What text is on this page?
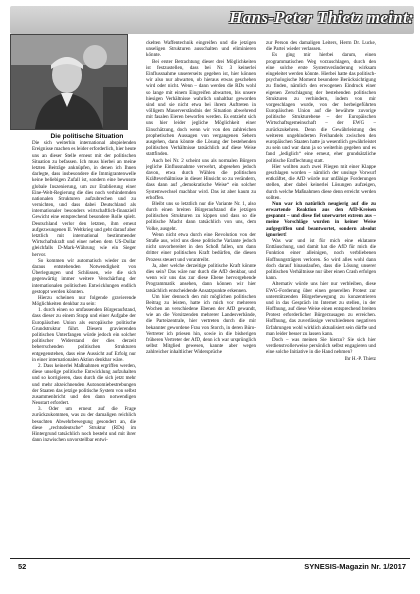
Hans-Peter Thietz meint:

Die politische Situation

Die sich weiterhin international abspielenden Ereignisse machen es leider erforderlich, hier heute uns an dieser Stelle erneut mit der politischen Situation zu befassen. Ich muss hierbei an meine letzten Beiträge anknüpfen, in denen ich Ihnen darlegte, dass insbesondere die Immigrantenwelle keine beliebigen Zufall ist, sondern eine bewusste globale Inszenierung, um zur Etablierung einer Eine-Welt-Regierung die dies noch verhindernden nationalen Strukturen aufzubrechen und zu vernichten, und dass dabei Deutschland als internationaler besonders wirtschaftlich-finanziell Gewicht eine entsprechend besondere Rolle spielt. Deutschland verlor den letzten, ihm erneut aufgezwungenen II. Weltkrieg und geht darauf aber letztlich mit international bestimmender Wirtschaftskraft und einer neben dem US-Dollar gleichfalls D-Mark-Währung wie ein Sieger hervor.

So kommen wir automatisch wieder zu der daraus entstehenden Notwendigkeit von Überlegungen und Schlüssen, wie die sich gegenwärtig immer weitere Verschärfung der internationalen politischen Entwicklungen endlich gestoppt werden könnten.

Hierzu scheinen nur folgende gravierende Möglichkeiten denkbar zu sein:

1. durch einen so umfassenden Bürgeraufstand, dass dieser zu einem Stopp und einer Aufgabe der Europäischen Union als europäische politische Grundstruktur führt. Diesem gravierenden politischen Unterfangen würde jedoch ein solcher politischer Widerstand der dies derzeit beherrschenden politischen Strukturen entgegenstehen, dass eine Aussicht auf Erfolg nur in einer internationalen Aktion denkbar wäre.

2. Dass keinerlei Maßnahmen ergriffen werden, diese unselige politische Entwicklung aufzuhalten und so korrigieren, dass durch die sich jetzt mehr und mehr abzeichnenden Autonomiebestrebungen der Staaten das jetzige politische System von selbst zusammenbricht und den dann notwendigen Neustart erfordert.

3. Oder um erneut auf die Frage zurückzukommen, was zu der damaligen reichlich besuchten Abwehrbewegung gesondert an, die diese „rechtsdeutsche“ Struktur (RDs) im Hintergrund tatsächlich noch besteht und mit ihrer dann inzwischen unvorstellbar entwi-

ckelten Waffentechnik eingreifen und die jetzigen unseligen Strukturen ausschalten und eliminieren könnte.

Bei erster Betrachtung dieser drei Möglichkeiten ist festzustellen, dass bei Nr. 3 keinerlei Einflussnahme unsererseits gegeben ist, hier können wir also nur abwarten, ob hieraus etwas geschehen wird oder nicht. Wenn – dann werden die RDs wohl so lange mit einem Eingreifen abwarten, bis unsere hiesigen Verhältnisse wahrlich unhaltbar geworden sind und sie nicht etwa bei ihrem Auftreten in völligem Mauerverständnis der Situation abwehrend mit fasalen Eieren beworfen werden. Es entzieht sich uns hier leider jegliche Möglichkeit einer Einschätzung, doch wenn wir von den zahlreichen prophetischen Aussagen von vergangenen Sehern ausgehen, dann könnte die Lösung der bestehenden politischen Verhältnisse tatsächlich auf diese Weise stattfinden.

Auch bei Nr. 2 scheint uns als normalen Bürgern jegliche Einflussnahme verwehrt, abgesehen jedoch davon, etwa durch Wählen die politischen Kräfteverhältnisse in dieser Hinsicht so zu verändern, dass dann auf „demokratische Weise“ ein solcher Systemwechsel machbar wird. Das ist aber kaum zu erhoffen.

Bleibt uns so letztlich nur die Variante Nr. 1, also durch einen breiten Bürgeraufstand die jetzigen politischen Strukturen zu kippen und dass so die politische Macht dann tatsächlich von uns, dem Volke, ausgeht.

Wenn nicht etwa durch eine Revolution von der Straße aus, wird uns diese politische Variante jedoch nicht unvorbereitet in den Schoß fallen, um dann dritter einer politischen Kraft bedürfen, die diesen Prozess steuert und vorantreibt.

Ja, aber welche derzeitige politische Kraft könnte dies sein? Das wäre nur durch die AfD denkbar, und wenn wir uns das zur diese Ebene hervorgehende Programmatik ansehen, dann können wir hier tatsächlich entscheidende Ansatzpunkte erkennen.

Um hier dennoch den mit möglichen politischen Beitrag zu leisten, hatte ich mich vor mehreren Wochen an verschiedene Ebenen der AfD gewandt, wie an die Vorsitzenden mehrerer Landesverbände, die Parteizentrale, hier vertreten durch die mir bekannter gewordene Frau von Storch, in deren Büro-Vertreter ich priesen hin, sowie in die bisherigen früheren Vertreter der AfD, denn ich war ursprünglich selbst Mitglied gewesen, kannte aber wegen zahlreicher inhaltlicher Widersprüche

zur Person des damaligen Leiters, Herrn Dr. Lucke, die Partei wieder verlassen.

Es ging mir hierbei darum, einen programmatischen Weg vorzuschlagen, durch den eine solche erste Systemveränderung wirksam eingeleitet werden könnte. Hierbei hatte das politisch-psychologische Moment besondere Berücksichtigung zu finden, nämlich den erwogenen Eindruck einer eigenen Zerschlagung der bestehenden politischen Strukturen zu verhindern, indem von mir vorgeschlagen wurde, von der herbeigeführten Europäischen Union auf die bewährte zuvorige politische Strukturebene – der Europäischen Wirtschaftsgemeinschaft – der EWG – zurückzukehren. Denn die Gewährleistung des weiteren ungehinderten Freihandels zwischen den europäischen Staaten hatte ja wesentlich gewährleistet zu sein und war dann ja so weiterhin gegeben und es fand „lediglich“ eine erneut, eher grundsätzliche politische Entflechtung statt.

Hier wollten auch zwei Fliegen mit einer Klappe geschlagen worden – nämlich der unsinge Vorwurf entkräftet, die AfD würde nur unfähige Forderungen stellen, aber dabei keinerlei Lösungen aufzeigen, durch welche Maßnahmen diese denn erreicht werden sollten.

Nun war ich natürlich neugierig auf die zu erwartende Reaktion aus den AfD-Kreisen gespannt – und diese fiel unerwartet extrem aus – meine Vorschläge wurden in keiner Weise aufgegriffen und beantwortet, sondern absolut ignoriert!

Was war und ist für mich eine eklatante Enttäuschung, und damit hat die AfD für mich die Funktion einer alleinigen, noch verbliebenen Hoffnungsträgers verloren. So wird alles wohl dann doch darauf hinauslaufen, dass die Lösung unserer politischen Verhältnisse nur über einen Crash erfolgen kann.

Alternativ würde uns hier nur verbleiben, diese EWG-Forderung über einen generellen Protest zur unterstützenden Bürgerbewegung zu konzentrieren und in das Gespräch im Internet zu stellen, in der Hoffnung, auf diese Weise einen entsprechend breiten Protest erforderlicher Bürgerzusagen zu erreichen. Hoffnung, das zuverlässige verschiedenen negativen Erfahrungen wohl wirklich aktualisiert sein dürfte und man leider besser zu lassen kann.

Doch – was meinen Sie hierzu? Sie sich hier verdienstvollerweise persönlich selbst engagieren und eine solche Initiative in die Hand nehmen?

Ihr H.-P. Thietz

52	SYNESIS-Magazin Nr. 1/2017
